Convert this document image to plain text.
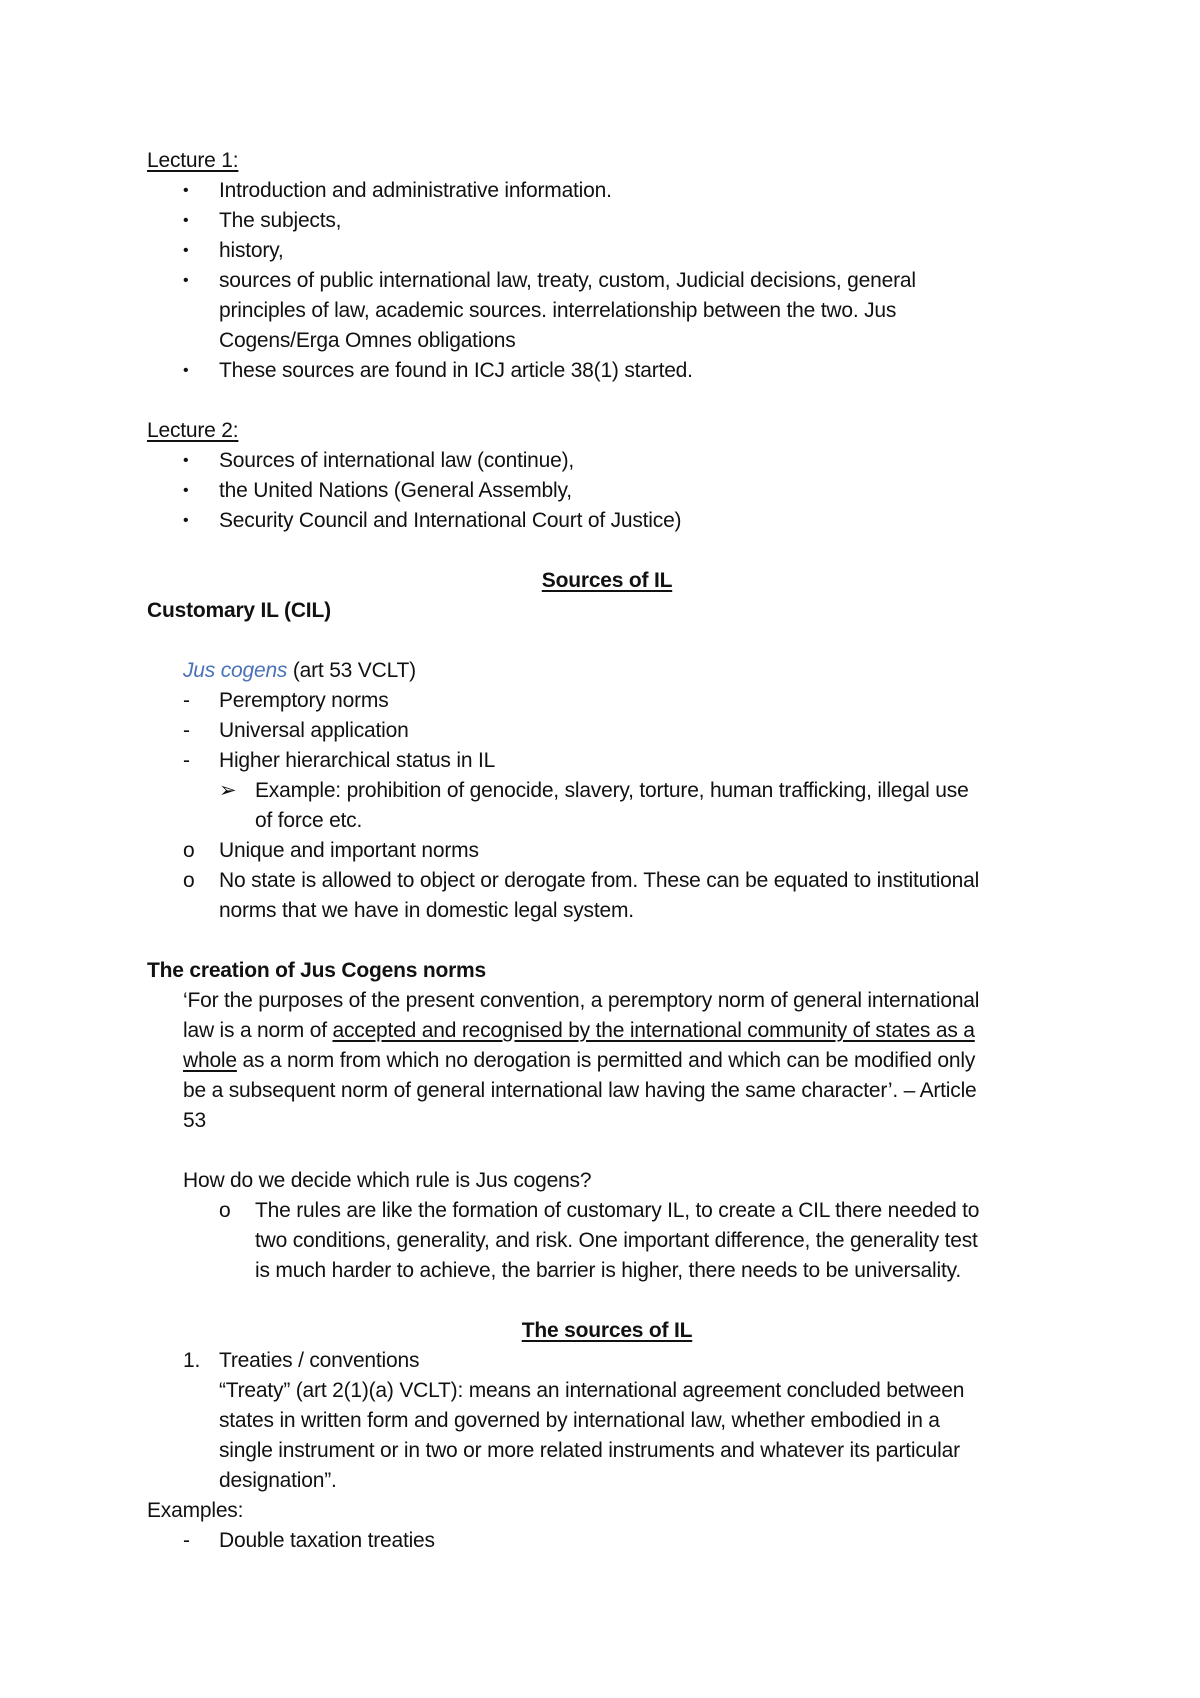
Lecture 1:
• Introduction and administrative information.
• The subjects,
• history,
• sources of public international law, treaty, custom, Judicial decisions, general
principles of law, academic sources. interrelationship between the two. Jus
Cogens/Erga Omnes obligations
• These sources are found in ICJ article 38(1) started.
Lecture 2:
• Sources of international law (continue),
• the United Nations (General Assembly,
• Security Council and International Court of Justice)
Sources of IL
Customary IL (CIL)
Jus cogens (art 53 VCLT)
- Peremptory norms
- Universal application
- Higher hierarchical status in IL
➢ Example: prohibition of genocide, slavery, torture, human trafficking, illegal use
of force etc.
o Unique and important norms
o No state is allowed to object or derogate from. These can be equated to institutional
norms that we have in domestic legal system.
The creation of Jus Cogens norms
‘For the purposes of the present convention, a peremptory norm of general international
law is a norm of accepted and recognised by the international community of states as a
whole as a norm from which no derogation is permitted and which can be modified only
be a subsequent norm of general international law having the same character’. – Article
53
How do we decide which rule is Jus cogens?
o The rules are like the formation of customary IL, to create a CIL there needed to
two conditions, generality, and risk. One important difference, the generality test
is much harder to achieve, the barrier is higher, there needs to be universality.
The sources of IL
1. Treaties / conventions
“Treaty” (art 2(1)(a) VCLT): means an international agreement concluded between
states in written form and governed by international law, whether embodied in a
single instrument or in two or more related instruments and whatever its particular
designation”.
Examples:
- Double taxation treaties
